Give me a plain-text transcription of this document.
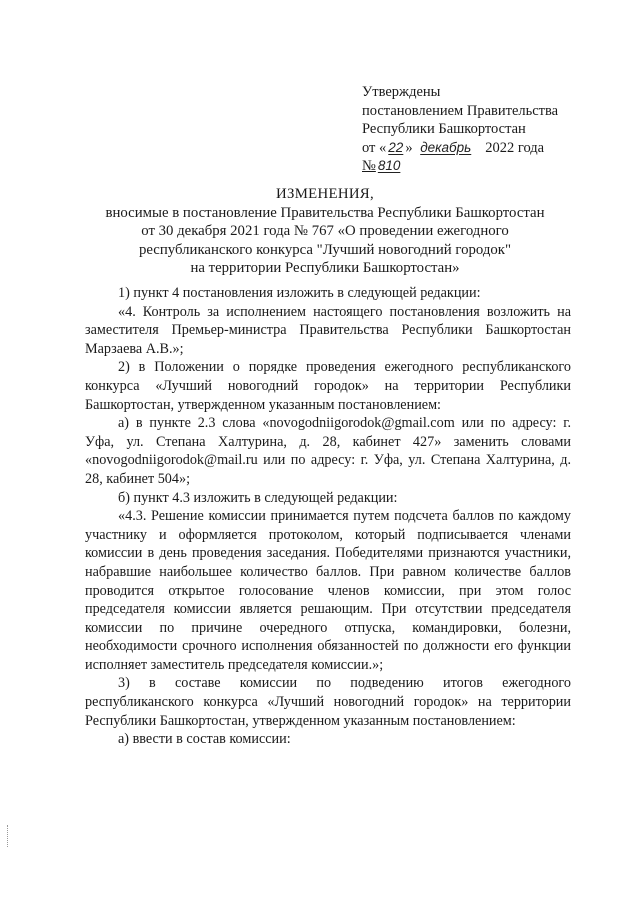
Утверждены
постановлением Правительства
Республики Башкортостан
от « 22 » декабрь 2022 года
№ 810
ИЗМЕНЕНИЯ,
вносимые в постановление Правительства Республики Башкортостан
от 30 декабря 2021 года № 767 «О проведении ежегодного
республиканского конкурса "Лучший новогодний городок"
на территории Республики Башкортостан»

1) пункт 4 постановления изложить в следующей редакции:

«4. Контроль за исполнением настоящего постановления возложить на заместителя Премьер-министра Правительства Республики Башкортостан Марзаева А.В.»;

2) в Положении о порядке проведения ежегодного республиканского конкурса «Лучший новогодний городок» на территории Республики Башкортостан, утвержденном указанным постановлением:

а) в пункте 2.3 слова «novogodniigorodok@gmail.com или по адресу: г. Уфа, ул. Степана Халтурина, д. 28, кабинет 427» заменить словами «novogodniigorodok@mail.ru или по адресу: г. Уфа, ул. Степана Халтурина, д. 28, кабинет 504»;

б) пункт 4.3 изложить в следующей редакции:

«4.3. Решение комиссии принимается путем подсчета баллов по каждому участнику и оформляется протоколом, который подписывается членами комиссии в день проведения заседания. Победителями признаются участники, набравшие наибольшее количество баллов. При равном количестве баллов проводится открытое голосование членов комиссии, при этом голос председателя комиссии является решающим. При отсутствии председателя комиссии по причине очередного отпуска, командировки, болезни, необходимости срочного исполнения обязанностей по должности его функции исполняет заместитель председателя комиссии.»;

3) в составе комиссии по подведению итогов ежегодного республиканского конкурса «Лучший новогодний городок» на территории Республики Башкортостан, утвержденном указанным постановлением:

а) ввести в состав комиссии:
